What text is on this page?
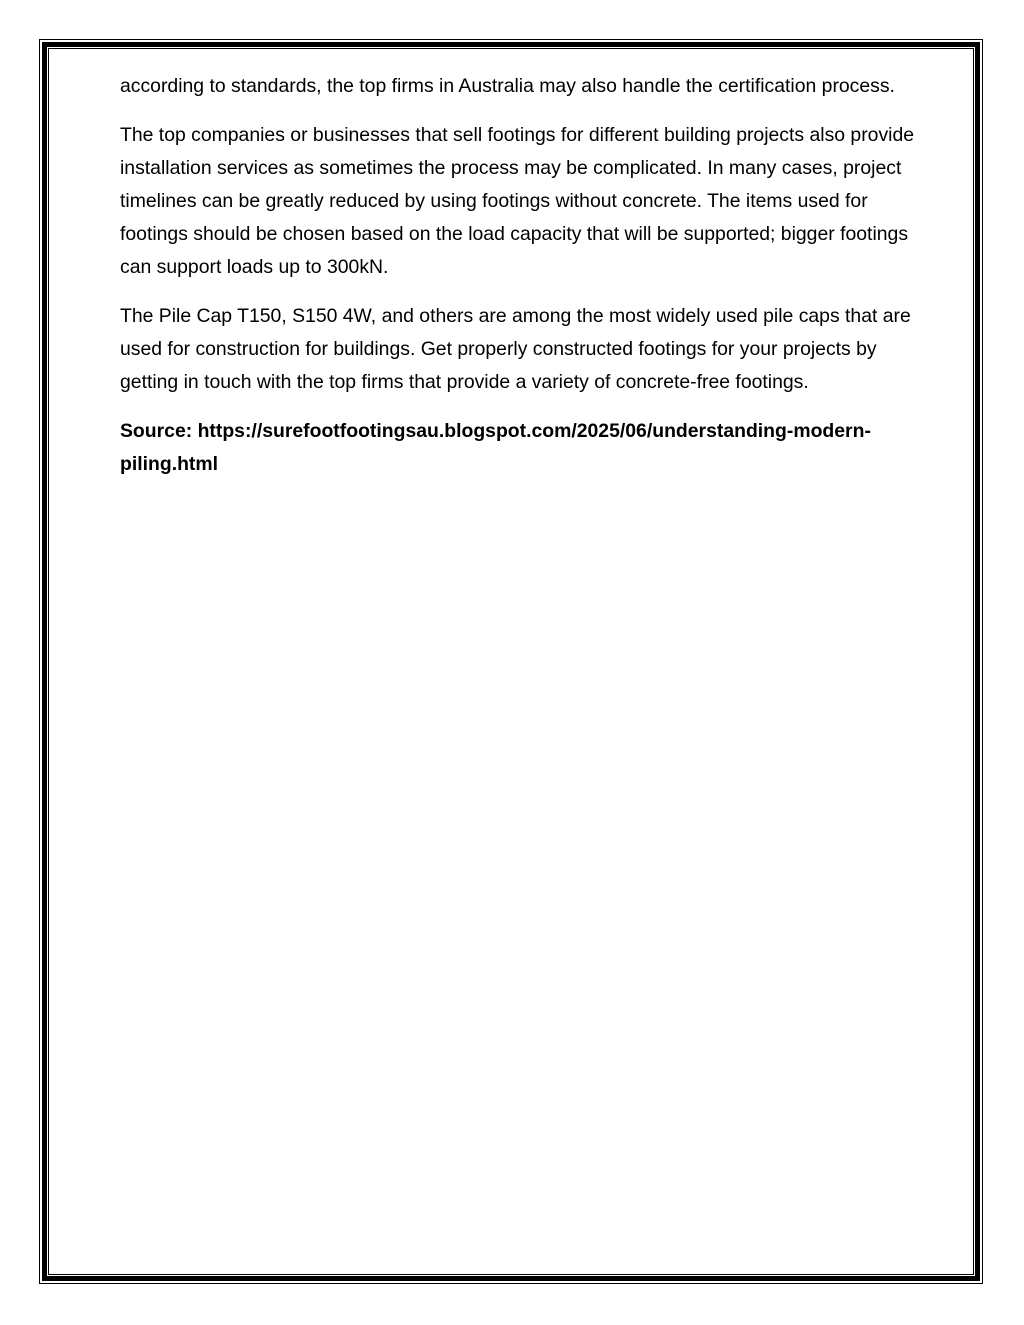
according to standards, the top firms in Australia may also handle the certification process.

The top companies or businesses that sell footings for different building projects also provide installation services as sometimes the process may be complicated. In many cases, project timelines can be greatly reduced by using footings without concrete. The items used for footings should be chosen based on the load capacity that will be supported; bigger footings can support loads up to 300kN.

The Pile Cap T150, S150 4W, and others are among the most widely used pile caps that are used for construction for buildings. Get properly constructed footings for your projects by getting in touch with the top firms that provide a variety of concrete-free footings.

Source: https://surefootfootingsau.blogspot.com/2025/06/understanding-modern-piling.html
